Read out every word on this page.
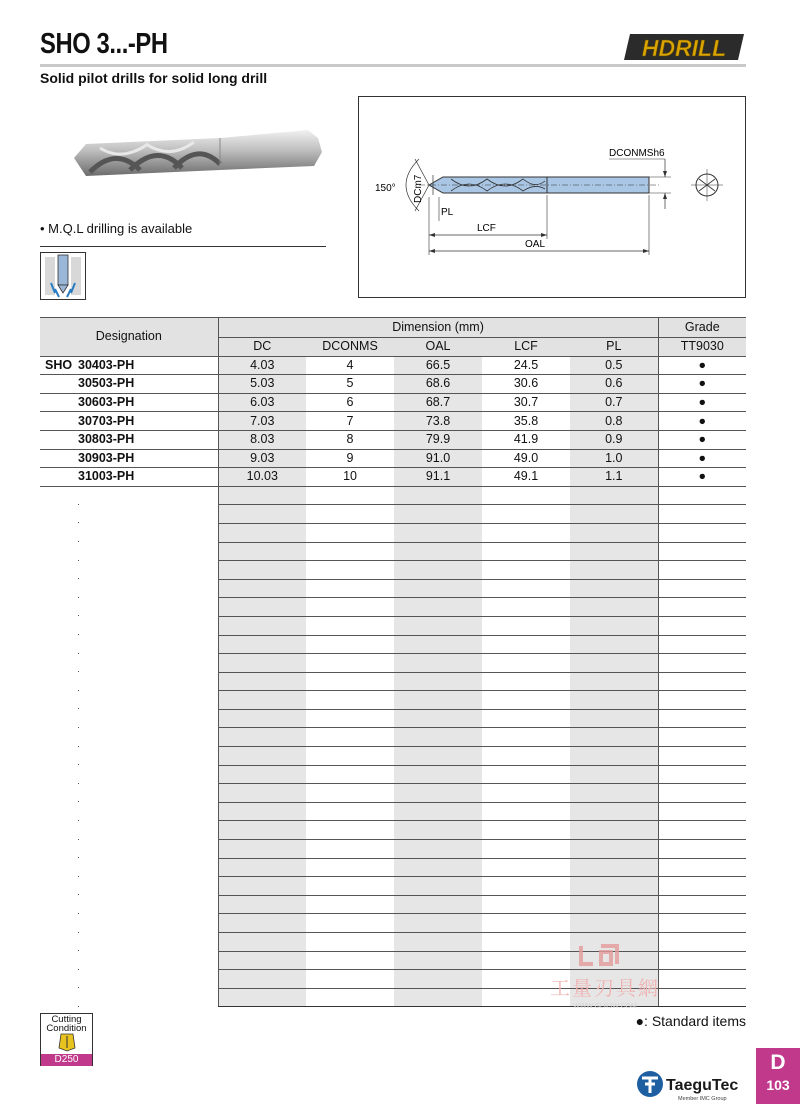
SHO 3...-PH	HDRILL
Solid pilot drills for solid long drill
• M.Q.L drilling is available
150° DCm7
PL
LCF
OAL
DCONMSh6
Designation	Dimension (mm)					Grade
	DC	DCONMS	OAL	LCF	PL	TT9030
SHO 30403-PH	4.03	4	66.5	24.5	0.5	●
30503-PH	5.03	5	68.6	30.6	0.6	●
30603-PH	6.03	6	68.7	30.7	0.7	●
30703-PH	7.03	7	73.8	35.8	0.8	●
30803-PH	8.03	8	79.9	41.9	0.9	●
30903-PH	9.03	9	91.0	49.0	1.0	●
31003-PH	10.03	10	91.1	49.1	1.1	●

Cutting Condition
D250
●: Standard items
工量刃具網
WWW.GLRJW.COM
TaeguTec
Member IMC Group
D
103
